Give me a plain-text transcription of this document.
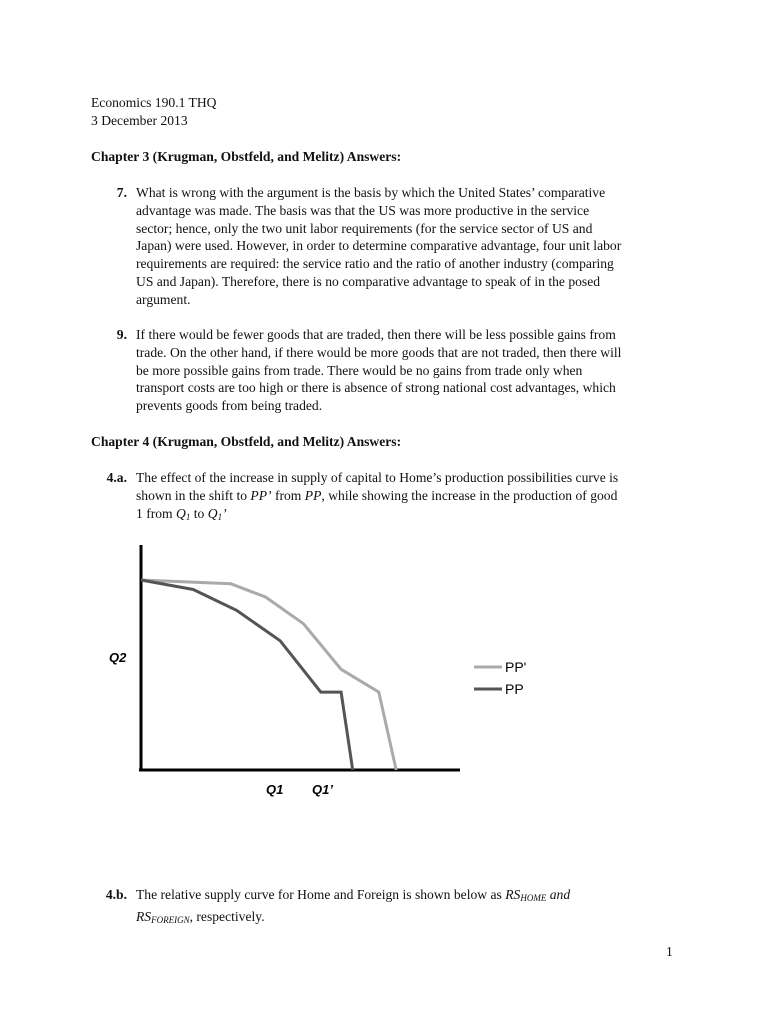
Economics 190.1 THQ
3 December 2013
Chapter 3 (Krugman, Obstfeld, and Melitz) Answers:
7. What is wrong with the argument is the basis by which the United States’ comparative

advantage was made. The basis was that the US was more productive in the service

sector; hence, only the two unit labor requirements (for the service sector of US and

Japan) were used. However, in order to determine comparative advantage, four unit labor

requirements are required: the service ratio and the ratio of another industry (comparing

US and Japan). Therefore, there is no comparative advantage to speak of in the posed

argument.

9. If there would be fewer goods that are traded, then there will be less possible gains from

trade. On the other hand, if there would be more goods that are not traded, then there will

be more possible gains from trade. There would be no gains from trade only when

transport costs are too high or there is absence of strong national cost advantages, which

prevents goods from being traded.

Chapter 4 (Krugman, Obstfeld, and Melitz) Answers:
4.a. The effect of the increase in supply of capital to Home’s production possibilities curve is

shown in the shift to PP’ from PP, while showing the increase in the production of good

1 from $Q_1$ to $Q_1$’

Q2
Q1 Q1’
PP'
PP
4.b. The relative supply curve for Home and Foreign is shown below as RSHOME and

RSFOREIGN, respectively.

1
